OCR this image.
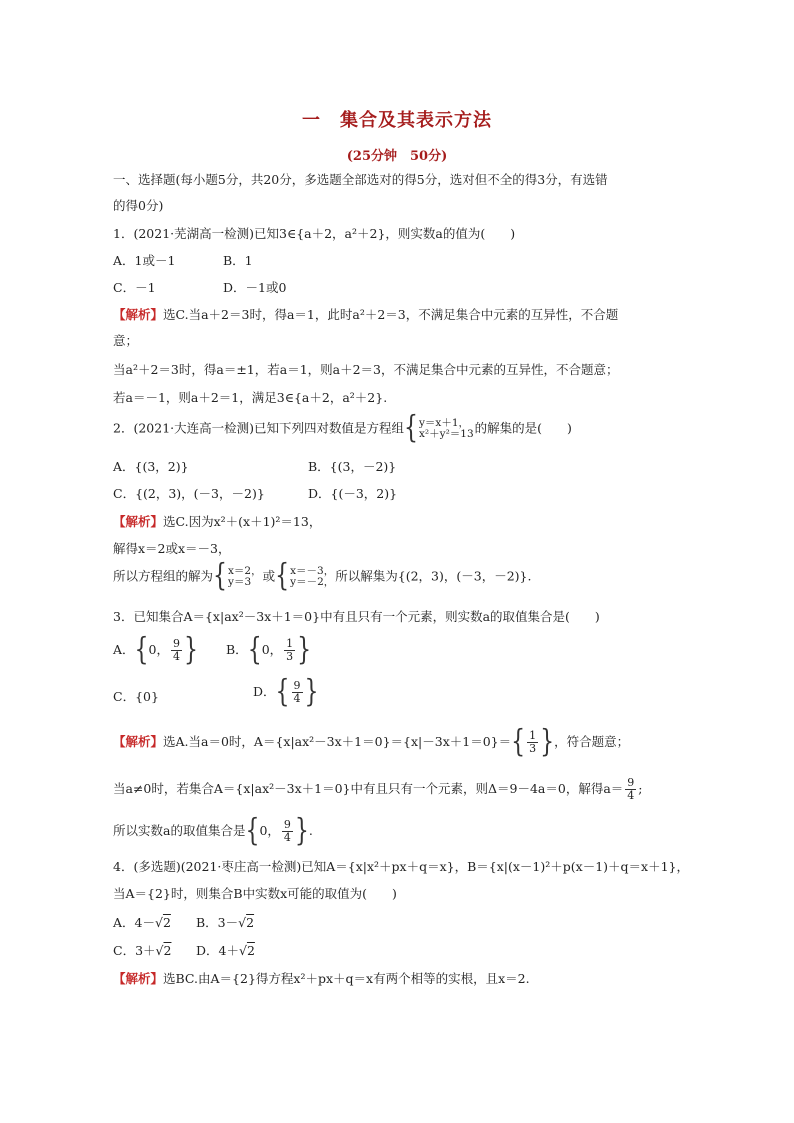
一　集合及其表示方法
(25分钟　50分)
一、选择题(每小题5分，共20分，多选题全部选对的得5分，选对但不全的得3分，有选错
的得0分)
1．(2021·芜湖高一检测)已知3∈{a＋2，a²＋2}，则实数a的值为(　　)
A．1或－1	B．1
C．－1	D．－1或0
【解析】选C.当a＋2＝3时，得a＝1，此时a²＋2＝3，不满足集合中元素的互异性，不合题
意；
当a²＋2＝3时，得a＝±1，若a＝1，则a＋2＝3，不满足集合中元素的互异性，不合题意；
若a＝－1，则a＋2＝1，满足3∈{a＋2，a²＋2}.
2．(2021·大连高一检测)已知下列四对数值是方程组{ y＝x＋1，
x²＋y²＝13 的解集的是(　　)
A．{(3，2)}	B．{(3，－2)}
C．{(2，3)，(－3，－2)}	D．{(－3，2)}
【解析】选C.因为x²＋(x＋1)²＝13，
解得x＝2或x＝－3，
所以方程组的解为{ x＝2，
y＝3 或{ x＝－3，
y＝－2， 所以解集为{(2，3)，(－3，－2)}.
3．已知集合A＝{x|ax²－3x＋1＝0}中有且只有一个元素，则实数a的取值集合是(　　)
A．{0， $\frac{9}{4}$ } B．{0， $\frac{1}{3}$ }
C．{0}	D．{ $\frac{9}{4}$ }
【解析】选A.当a＝0时，$A=\{x|ax^2-3x+1=0\}=\{x|-3x+1=0\}=\{ \frac{1}{3}$ }，符合题意；
当a≠0时，若集合A＝{x|ax²－3x＋1＝0}中有且只有一个元素，则Δ＝9－4a＝0，解得$a= \frac{9}{4}$ ;
所以实数a的取值集合是{0， $\frac{9}{4}$ }.
4．(多选题)(2021·枣庄高一检测)已知A＝{x|x²＋px＋q＝x}，B＝{x|(x－1)²＋p(x－1)＋q＝x＋1}，
当A＝{2}时，则集合B中实数x可能的取值为(　　)
A．4－√2 B．3－√2
C．3＋√2 D．4＋√2
【解析】选BC.由A＝{2}得方程x²＋px＋q＝x有两个相等的实根，且x＝2.
